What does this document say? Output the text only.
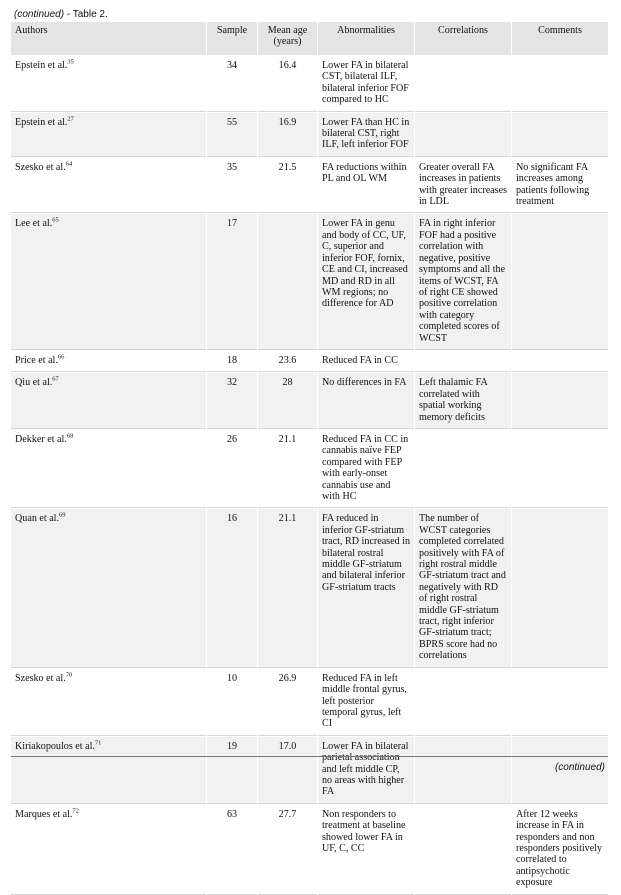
(continued) - Table 2.
Authors	Sample	Mean age (years)	Abnormalities	Correlations	Comments
Epstein et al.$^{35}$	34	16.4	Lower FA in bilateral CST, bilateral ILF, bilateral inferior FOF compared to HC		
Epstein et al.$^{27}$	55	16.9	Lower FA than HC in bilateral CST, right ILF, left inferior FOF		
Szesko et al.$^{64}$	35	21.5	FA reductions within PL and OL WM	Greater overall FA increases in patients with greater increases in LDL	No significant FA increases among patients following treatment
Lee et al.$^{65}$	17		Lower FA in genu and body of CC, UF, C, superior and inferior FOF, fornix, CE and CI, increased MD and RD in all WM regions; no difference for AD	FA in right inferior FOF had a positive correlation with negative, positive symptoms and all the items of WCST, FA of right CE showed positive correlation with category completed scores of WCST	
Price et al.$^{66}$	18	23.6	Reduced FA in CC		
Qiu et al.$^{67}$	32	28	No differences in FA	Left thalamic FA correlated with spatial working memory deficits	
Dekker et al.$^{68}$	26	21.1	Reduced FA in CC in cannabis naïve FEP compared with FEP with early-onset cannabis use and with HC		
Quan et al.$^{69}$	16	21.1	FA reduced in inferior GF-striatum tract, RD increased in bilateral rostral middle GF-striatum and bilateral inferior GF-striatum tracts	The number of WCST categories completed correlated positively with FA of right rostral middle GF-striatum tract and negatively with RD of right rostral middle GF-striatum tract, right inferior GF-striatum tract; BPRS score had no correlations	
Szesko et al.$^{70}$	10	26.9	Reduced FA in left middle frontal gyrus, left posterior temporal gyrus, left CI		
Kiriakopoulos et al.$^{71}$	19	17.0	Lower FA in bilateral parietal association and left middle CP, no areas with higher FA		
Marques et al.$^{72}$	63	27.7	Non responders to treatment at baseline showed lower FA in UF, C, CC		After 12 weeks increase in FA in responders and non responders positively correlated to antipsychotic exposure
(continued)
